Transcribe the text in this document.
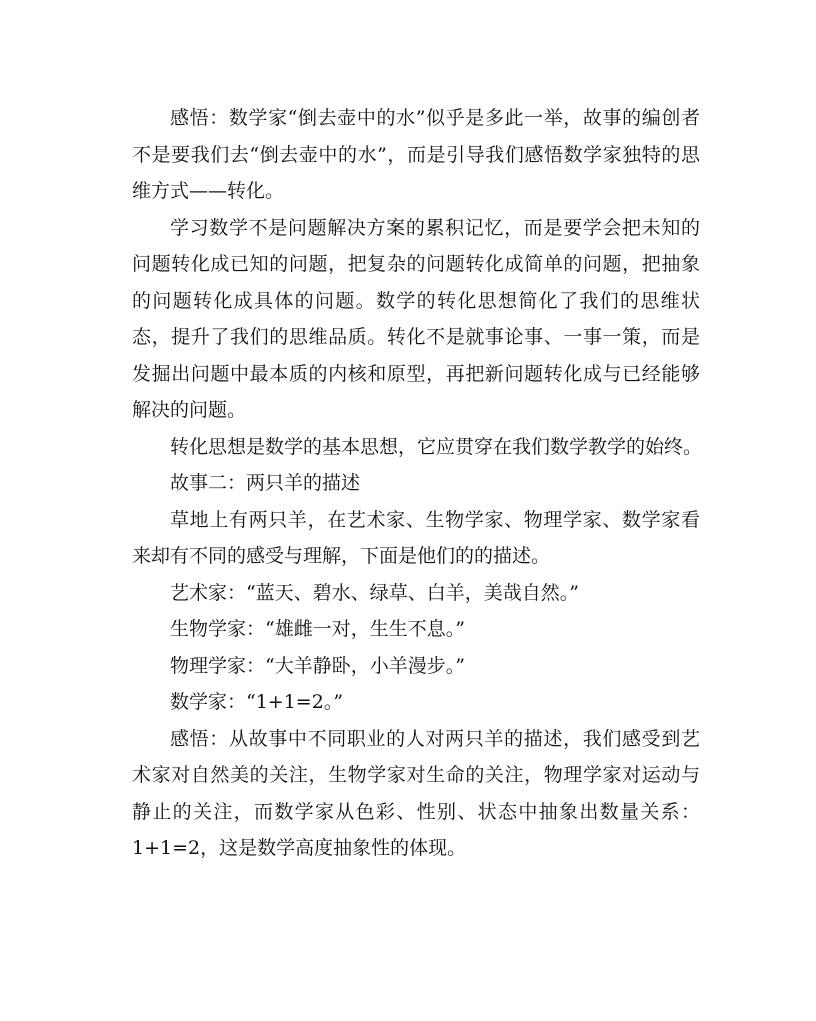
感悟：数学家“倒去壶中的水”似乎是多此一举，故事的编创者不是要我们去“倒去壶中的水”，而是引导我们感悟数学家独特的思维方式——转化。

学习数学不是问题解决方案的累积记忆，而是要学会把未知的问题转化成已知的问题，把复杂的问题转化成简单的问题，把抽象的问题转化成具体的问题。数学的转化思想简化了我们的思维状态，提升了我们的思维品质。转化不是就事论事、一事一策，而是发掘出问题中最本质的内核和原型，再把新问题转化成与已经能够解决的问题。

转化思想是数学的基本思想，它应贯穿在我们数学教学的始终。

故事二：两只羊的描述

草地上有两只羊，在艺术家、生物学家、物理学家、数学家看来却有不同的感受与理解，下面是他们的的描述。

艺术家：“蓝天、碧水、绿草、白羊，美哉自然。”

生物学家：“雄雌一对，生生不息。”

物理学家：“大羊静卧，小羊漫步。”

数学家：“1+1=2。”

感悟：从故事中不同职业的人对两只羊的描述，我们感受到艺术家对自然美的关注，生物学家对生命的关注，物理学家对运动与静止的关注，而数学家从色彩、性别、状态中抽象出数量关系：1+1=2，这是数学高度抽象性的体现。
